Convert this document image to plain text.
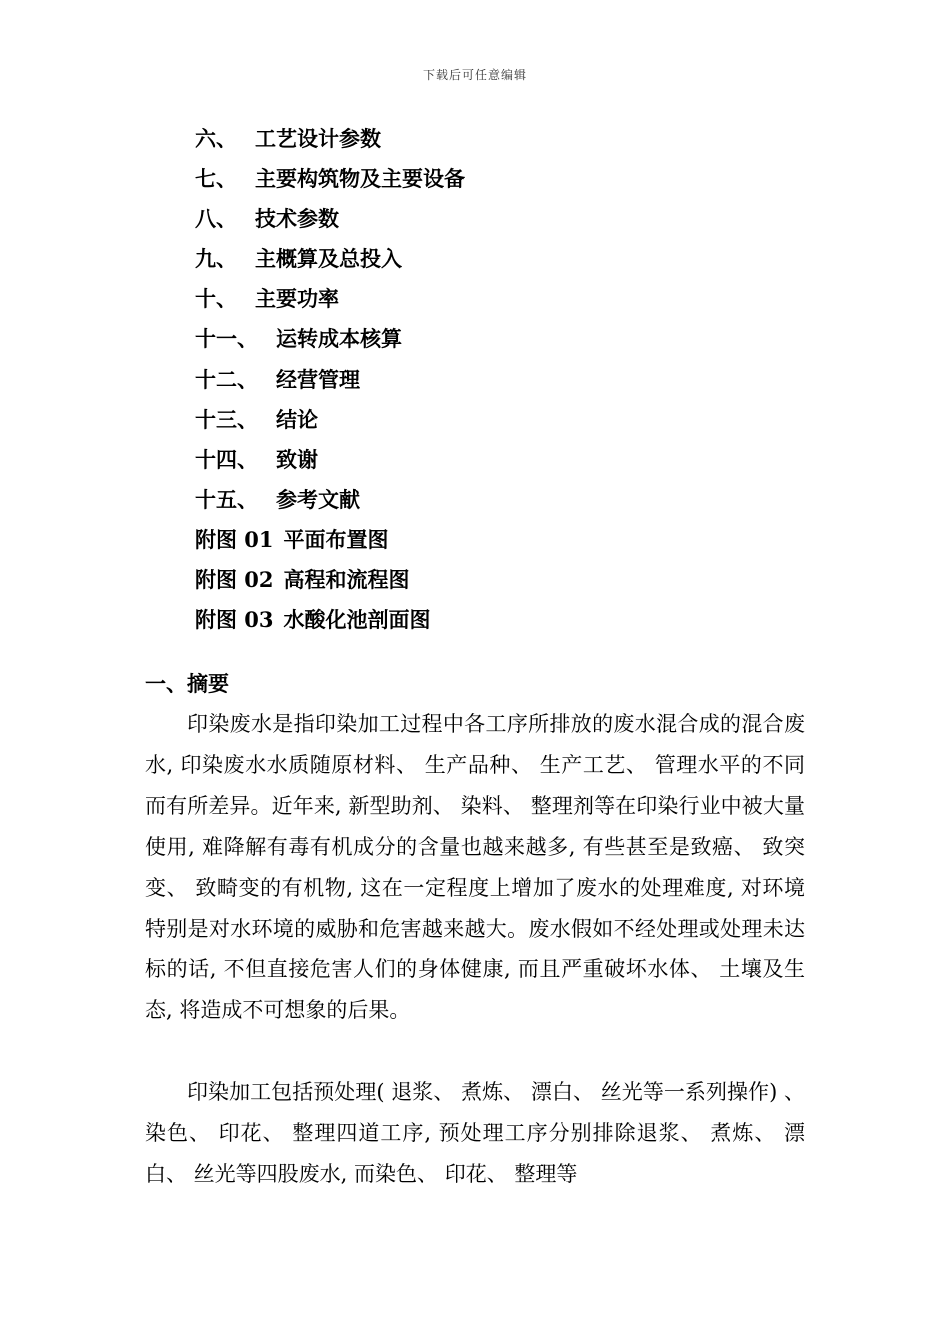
下载后可任意编辑
六、 工艺设计参数
七、 主要构筑物及主要设备
八、 技术参数
九、 主概算及总投入
十、 主要功率
十一、 运转成本核算
十二、 经营管理
十三、 结论
十四、 致谢
十五、 参考文献
附图 01 平面布置图
附图 02 高程和流程图
附图 03 水酸化池剖面图
一、摘要

印染废水是指印染加工过程中各工序所排放的废水混合成的混合废水, 印染废水水质随原材料、 生产品种、 生产工艺、 管理水平的不同而有所差异。近年来, 新型助剂、 染料、 整理剂等在印染行业中被大量使用, 难降解有毒有机成分的含量也越来越多, 有些甚至是致癌、 致突变、 致畸变的有机物, 这在一定程度上增加了废水的处理难度, 对环境特别是对水环境的威胁和危害越来越大。废水假如不经处理或处理未达标的话, 不但直接危害人们的身体健康, 而且严重破坏水体、 土壤及生态, 将造成不可想象的后果。

印染加工包括预处理( 退浆、 煮炼、 漂白、 丝光等一系列操作) 、 染色、 印花、 整理四道工序, 预处理工序分别排除退浆、 煮炼、 漂白、 丝光等四股废水, 而染色、 印花、 整理等
